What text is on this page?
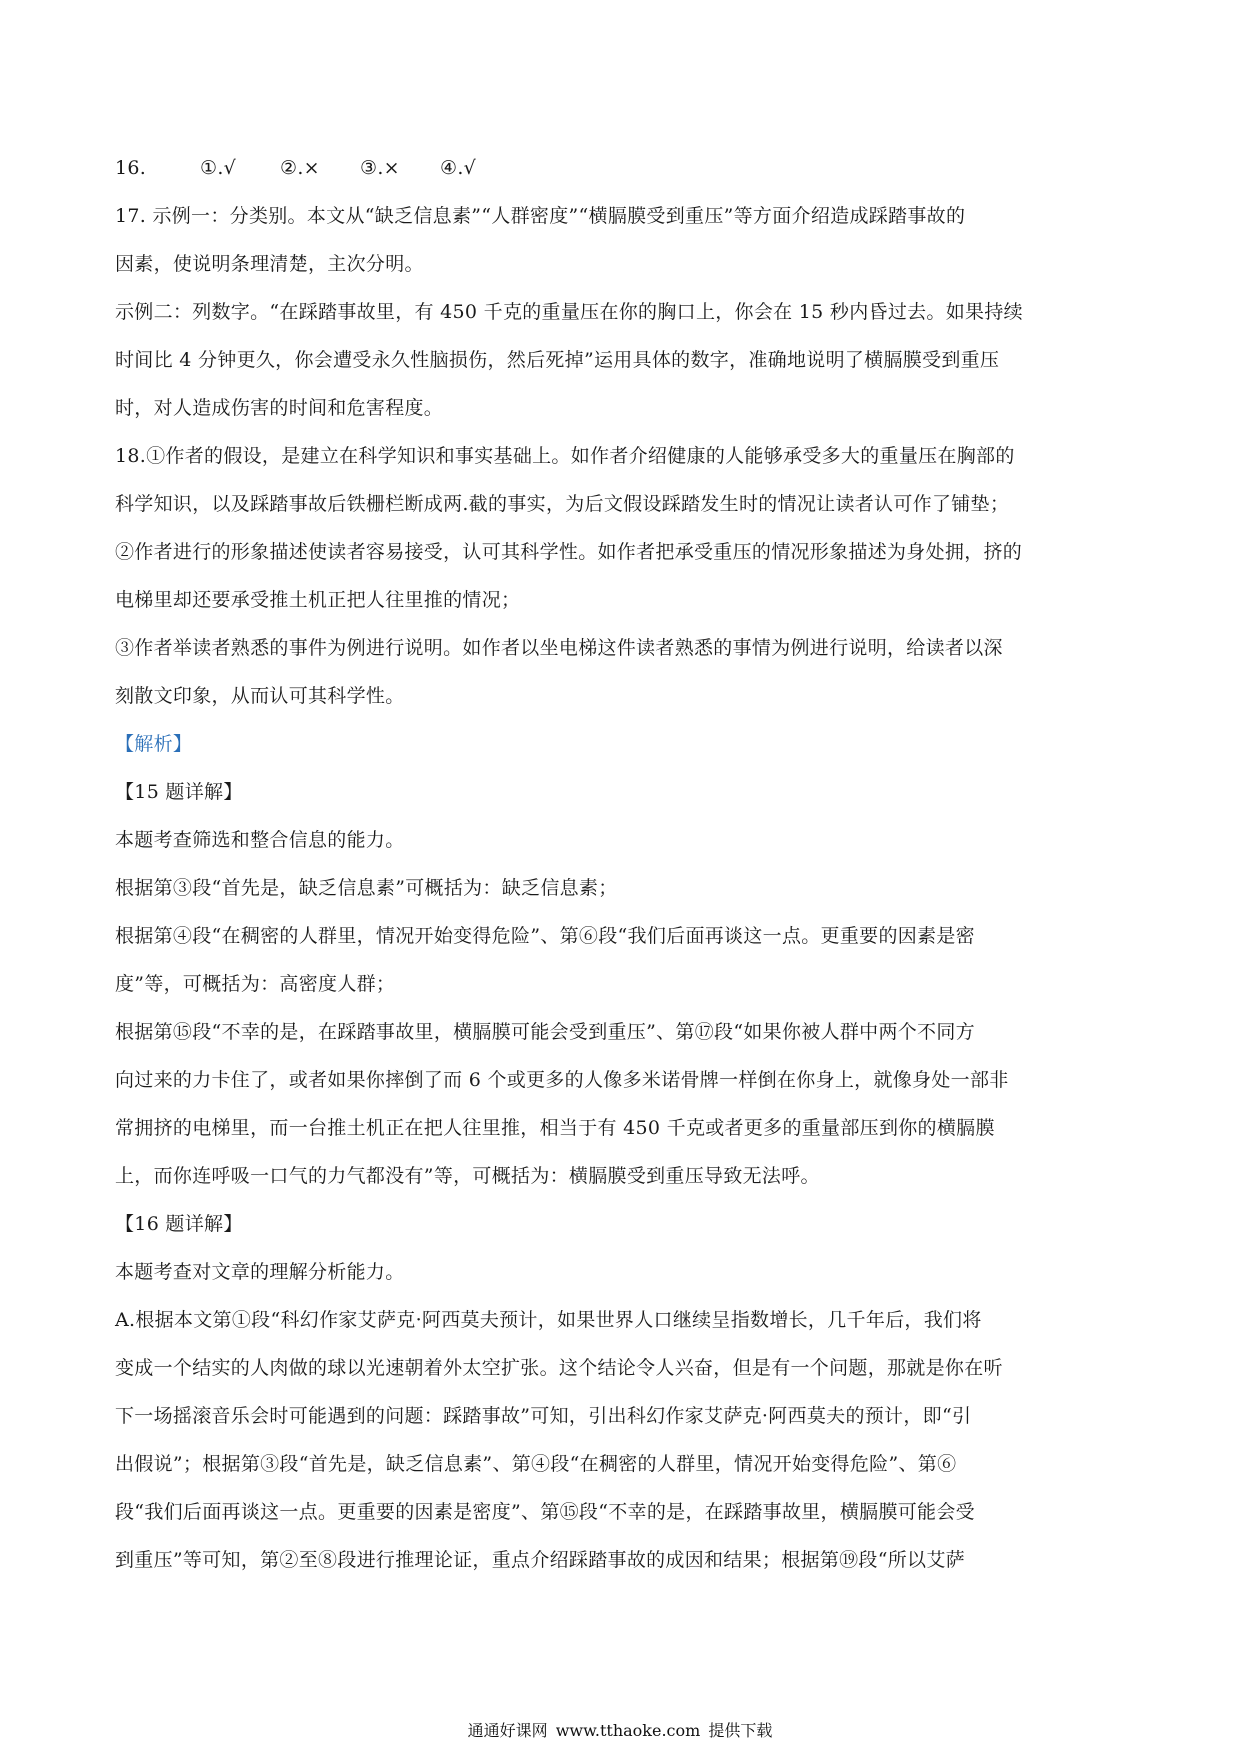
16.	①.√ ②.× ③.× ④.√
17. 示例一：分类别。本文从“缺乏信息素”“人群密度”“横膈膜受到重压”等方面介绍造成踩踏事故的
因素，使说明条理清楚，主次分明。
示例二：列数字。“在踩踏事故里，有 450 千克的重量压在你的胸口上，你会在 15 秒内昏过去。如果持续
时间比 4 分钟更久，你会遭受永久性脑损伤，然后死掉”运用具体的数字，准确地说明了横膈膜受到重压
时，对人造成伤害的时间和危害程度。
18.①作者的假设，是建立在科学知识和事实基础上。如作者介绍健康的人能够承受多大的重量压在胸部的
科学知识，以及踩踏事故后铁栅栏断成两.截的事实，为后文假设踩踏发生时的情况让读者认可作了铺垫；
②作者进行的形象描述使读者容易接受，认可其科学性。如作者把承受重压的情况形象描述为身处拥，挤的
电梯里却还要承受推土机正把人往里推的情况；
③作者举读者熟悉的事件为例进行说明。如作者以坐电梯这件读者熟悉的事情为例进行说明，给读者以深
刻散文印象，从而认可其科学性。
【解析】
【15 题详解】
本题考查筛选和整合信息的能力。
根据第③段“首先是，缺乏信息素”可概括为：缺乏信息素；
根据第④段“在稠密的人群里，情况开始变得危险”、第⑥段“我们后面再谈这一点。更重要的因素是密
度”等，可概括为：高密度人群；
根据第⑮段“不幸的是，在踩踏事故里，横膈膜可能会受到重压”、第⑰段“如果你被人群中两个不同方
向过来的力卡住了，或者如果你摔倒了而 6 个或更多的人像多米诺骨牌一样倒在你身上，就像身处一部非
常拥挤的电梯里，而一台推土机正在把人往里推，相当于有 450 千克或者更多的重量部压到你的横膈膜
上，而你连呼吸一口气的力气都没有”等，可概括为：横膈膜受到重压导致无法呼。
【16 题详解】
本题考查对文章的理解分析能力。
A.根据本文第①段“科幻作家艾萨克·阿西莫夫预计，如果世界人口继续呈指数增长，几千年后，我们将
变成一个结实的人肉做的球以光速朝着外太空扩张。这个结论令人兴奋，但是有一个问题，那就是你在听
下一场摇滚音乐会时可能遇到的问题：踩踏事故”可知，引出科幻作家艾萨克·阿西莫夫的预计，即“引
出假说”；根据第③段“首先是，缺乏信息素”、第④段“在稠密的人群里，情况开始变得危险”、第⑥
段“我们后面再谈这一点。更重要的因素是密度”、第⑮段“不幸的是，在踩踏事故里，横膈膜可能会受
到重压”等可知，第②至⑧段进行推理论证，重点介绍踩踏事故的成因和结果；根据第⑲段“所以艾萨
通通好课网 www.tthaoke.com 提供下载
